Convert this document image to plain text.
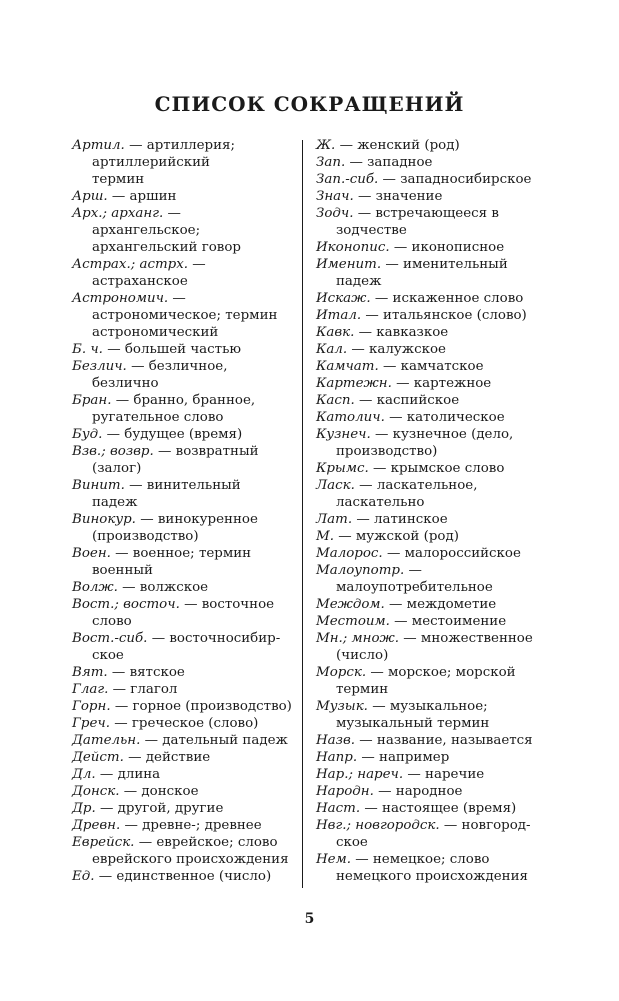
СПИСОК СОКРАЩЕНИЙ

Артил. — артиллерия;
артиллерийский
термин

Арш. — аршин

Арх.; арханг. —
архангельское;
архангельский говор

Астрах.; астрх. —
астраханское

Астрономич. —
астрономическое; термин
астрономический

Б. ч. — большей частью

Безлич. — безличное,
безлично

Бран. — бранно, бранное,
ругательное слово

Буд. — будущее (время)

Взв.; возвр. — возвратный
(залог)

Винит. — винительный
падеж

Винокур. — винокуренное
(производство)

Воен. — военное; термин
военный

Волж. — волжское

Вост.; восточ. — восточное
слово

Вост.-сиб. — восточносибир-
ское

Вят. — вятское

Глаг. — глагол

Горн. — горное (производство)

Греч. — греческое (слово)

Дательн. — дательный падеж

Дейст. — действие

Дл. — длина

Донск. — донское

Др. — другой, другие

Древн. — древне-; древнее

Еврейск. — еврейское; слово
еврейского происхождения

Ед. — единственное (число)

Ж. — женский (род)

Зап. — западное

Зап.-сиб. — западносибирское

Знач. — значение

Зодч. — встречающееся в
зодчестве

Иконопис. — иконописное

Именит. — именительный
падеж

Искаж. — искаженное слово

Итал. — итальянское (слово)

Кавк. — кавказкое

Кал. — калужское

Камчат. — камчатское

Картежн. — картежное

Касп. — каспийское

Католич. — католическое

Кузнеч. — кузнечное (дело,
производство)

Крымс. — крымское слово

Ласк. — ласкательное,
ласкательно

Лат. — латинское

М. — мужской (род)

Малорос. — малороссийское

Малоупотр. —
малоупотребительное

Междом. — междометие

Местоим. — местоимение

Мн.; множ. — множественное
(число)

Морск. — морское; морской
термин

Музык. — музыкальное;
музыкальный термин

Назв. — название, называется

Напр. — например

Нар.; нареч. — наречие

Народн. — народное

Наст. — настоящее (время)

Нвг.; новгородск. — новгород-
ское

Нем. — немецкое; слово
немецкого происхождения

5
